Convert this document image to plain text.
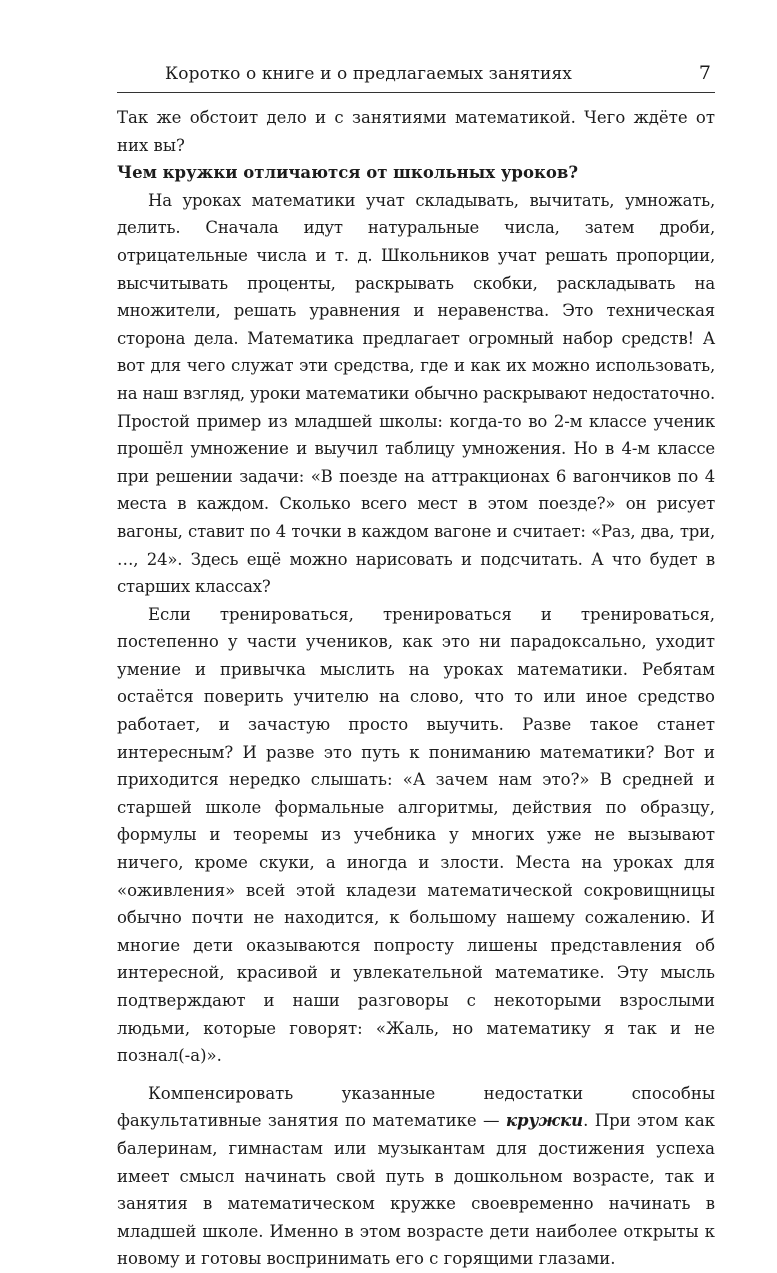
Коротко о книге и о предлагаемых занятиях	7

Так же обстоит дело и с занятиями математикой. Чего ждёте от них вы?

Чем кружки отличаются от школьных уроков?

На уроках математики учат складывать, вычитать, умножать, делить. Сначала идут натуральные числа, затем дроби, отрицательные числа и т. д. Школьников учат решать пропорции, высчитывать проценты, раскрывать скобки, раскладывать на множители, решать уравнения и неравенства. Это техническая сторона дела. Математика предлагает огромный набор средств! А вот для чего служат эти средства, где и как их можно использовать, на наш взгляд, уроки математики обычно раскрывают недостаточно. Простой пример из младшей школы: когда-то во 2-м классе ученик прошёл умножение и выучил таблицу умножения. Но в 4-м классе при решении задачи: «В поезде на аттракционах 6 вагончиков по 4 места в каждом. Сколько всего мест в этом поезде?» он рисует вагоны, ставит по 4 точки в каждом вагоне и считает: «Раз, два, три, …, 24». Здесь ещё можно нарисовать и подсчитать. А что будет в старших классах?

Если тренироваться, тренироваться и тренироваться, постепенно у части учеников, как это ни парадоксально, уходит умение и привычка мыслить на уроках математики. Ребятам остаётся поверить учителю на слово, что то или иное средство работает, и зачастую просто выучить. Разве такое станет интересным? И разве это путь к пониманию математики? Вот и приходится нередко слышать: «А зачем нам это?» В средней и старшей школе формальные алгоритмы, действия по образцу, формулы и теоремы из учебника у многих уже не вызывают ничего, кроме скуки, а иногда и злости. Места на уроках для «оживления» всей этой кладези математической сокровищницы обычно почти не находится, к большому нашему сожалению. И многие дети оказываются попросту лишены представления об интересной, красивой и увлекательной математике. Эту мысль подтверждают и наши разговоры с некоторыми взрослыми людьми, которые говорят: «Жаль, но математику я так и не познал(-а)».

Компенсировать указанные недостатки способны факультативные занятия по математике — кружки. При этом как балеринам, гимнастам или музыкантам для достижения успеха имеет смысл начинать свой путь в дошкольном возрасте, так и занятия в математическом кружке своевременно начинать в младшей школе. Именно в этом возрасте дети наиболее открыты к новому и готовы воспринимать его с горящими глазами.
